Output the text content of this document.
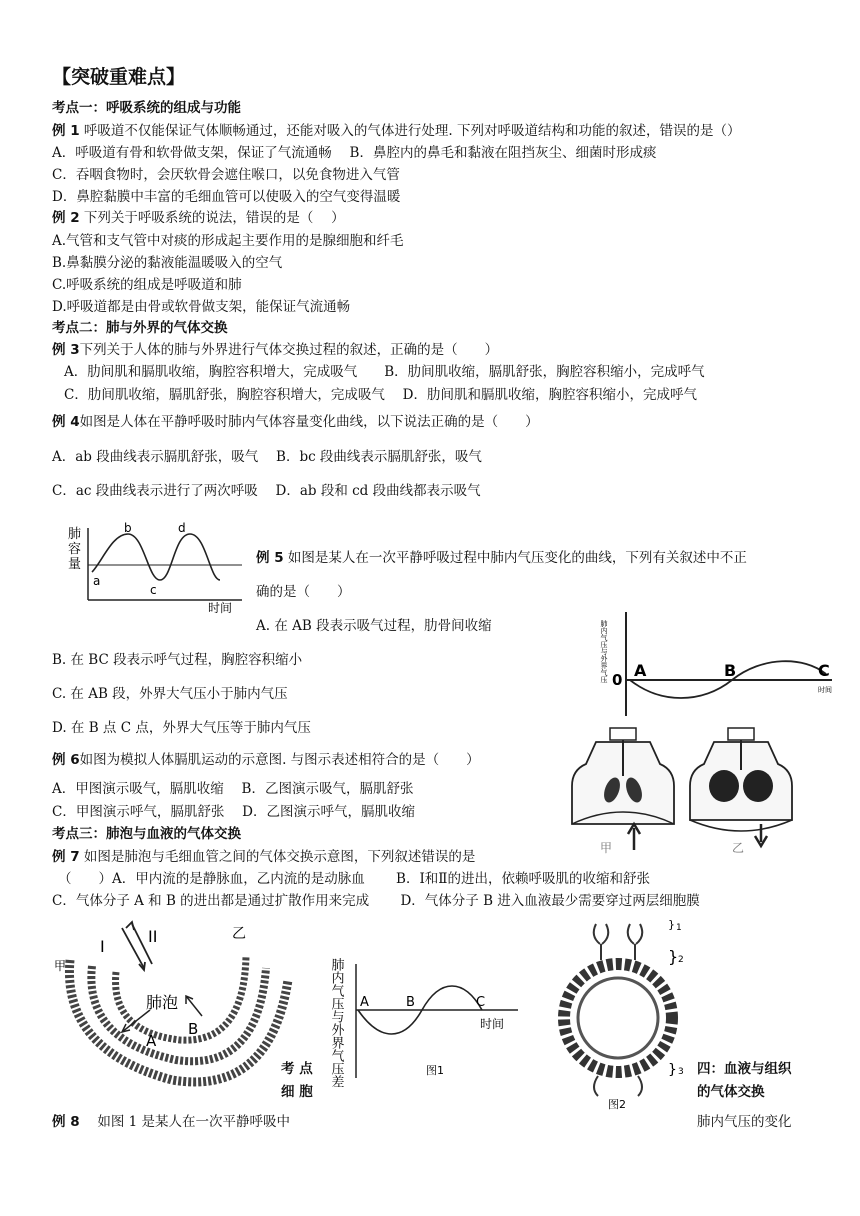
【突破重难点】
考点一：呼吸系统的组成与功能
例 1 呼吸道不仅能保证气体顺畅通过，还能对吸入的气体进行处理. 下列对呼吸道结构和功能的叙述，错误的是（）
A．呼吸道有骨和软骨做支架，保证了气流通畅　 B．鼻腔内的鼻毛和黏液在阻挡灰尘、细菌时形成痰
C．吞咽食物时，会厌软骨会遮住喉口，以免食物进入气管
D．鼻腔黏膜中丰富的毛细血管可以使吸入的空气变得温暖
例 2 下列关于呼吸系统的说法，错误的是（　 ）
A.气管和支气管中对痰的形成起主要作用的是腺细胞和纤毛
B.鼻黏膜分泌的黏液能温暖吸入的空气
C.呼吸系统的组成是呼吸道和肺
D.呼吸道都是由骨或软骨做支架，能保证气流通畅
考点二：肺与外界的气体交换
例 3下列关于人体的肺与外界进行气体交换过程的叙述，正确的是（　　）
A．肋间肌和膈肌收缩，胸腔容积增大，完成吸气　　B．肋间肌收缩，膈肌舒张，胸腔容积缩小，完成呼气
C．肋间肌收缩，膈肌舒张，胸腔容积增大，完成吸气　 D．肋间肌和膈肌收缩，胸腔容积缩小，完成呼气
例 4如图是人体在平静呼吸时肺内气体容量变化曲线，以下说法正确的是（　　）
A．ab 段曲线表示膈肌舒张，吸气　 B．bc 段曲线表示膈肌舒张，吸气
C．ac 段曲线表示进行了两次呼吸　 D．ab 段和 cd 段曲线都表示吸气
肺
容
量
a
b
c
d
时间
例 5 如图是某人在一次平静呼吸过程中肺内气压变化的曲线，下列有关叙述中不正
确的是（　　）
A. 在 AB 段表示吸气过程，肋骨间收缩
B. 在 BC 段表示呼气过程，胸腔容积缩小
C. 在 AB 段，外界大气压小于肺内气压
D. 在 B 点 C 点，外界大气压等于肺内气压
0 A	B	C
时间
肺内气压与外界气压
例 6如图为模拟人体膈肌运动的示意图. 与图示表述相符合的是（　　）
A．甲图演示吸气，膈肌收缩　 B．乙图演示吸气，膈肌舒张
C．甲图演示呼气，膈肌舒张　 D．乙图演示呼气，膈肌收缩
甲	乙
考点三：肺泡与血液的气体交换
例 7 如图是肺泡与毛细血管之间的气体交换示意图，下列叙述错误的是
（　　）A．甲内流的是静脉血，乙内流的是动脉血　　 B．Ⅰ和Ⅱ的进出，依赖呼吸肌的收缩和舒张
C．气体分子 A 和 B 的进出都是通过扩散作用来完成　　 D．气体分子 B 进入血液最少需要穿过两层细胞膜
I
II
甲
乙
肺泡
A
B	肺内气压与外界气压差 A	B	C
时间
图1
} 1
} 2
} 3
图2
考 点
细 胞
四：血液与组织
的气体交换
例 8　 如图 1 是某人在一次平静呼吸中	肺内气压的变化
